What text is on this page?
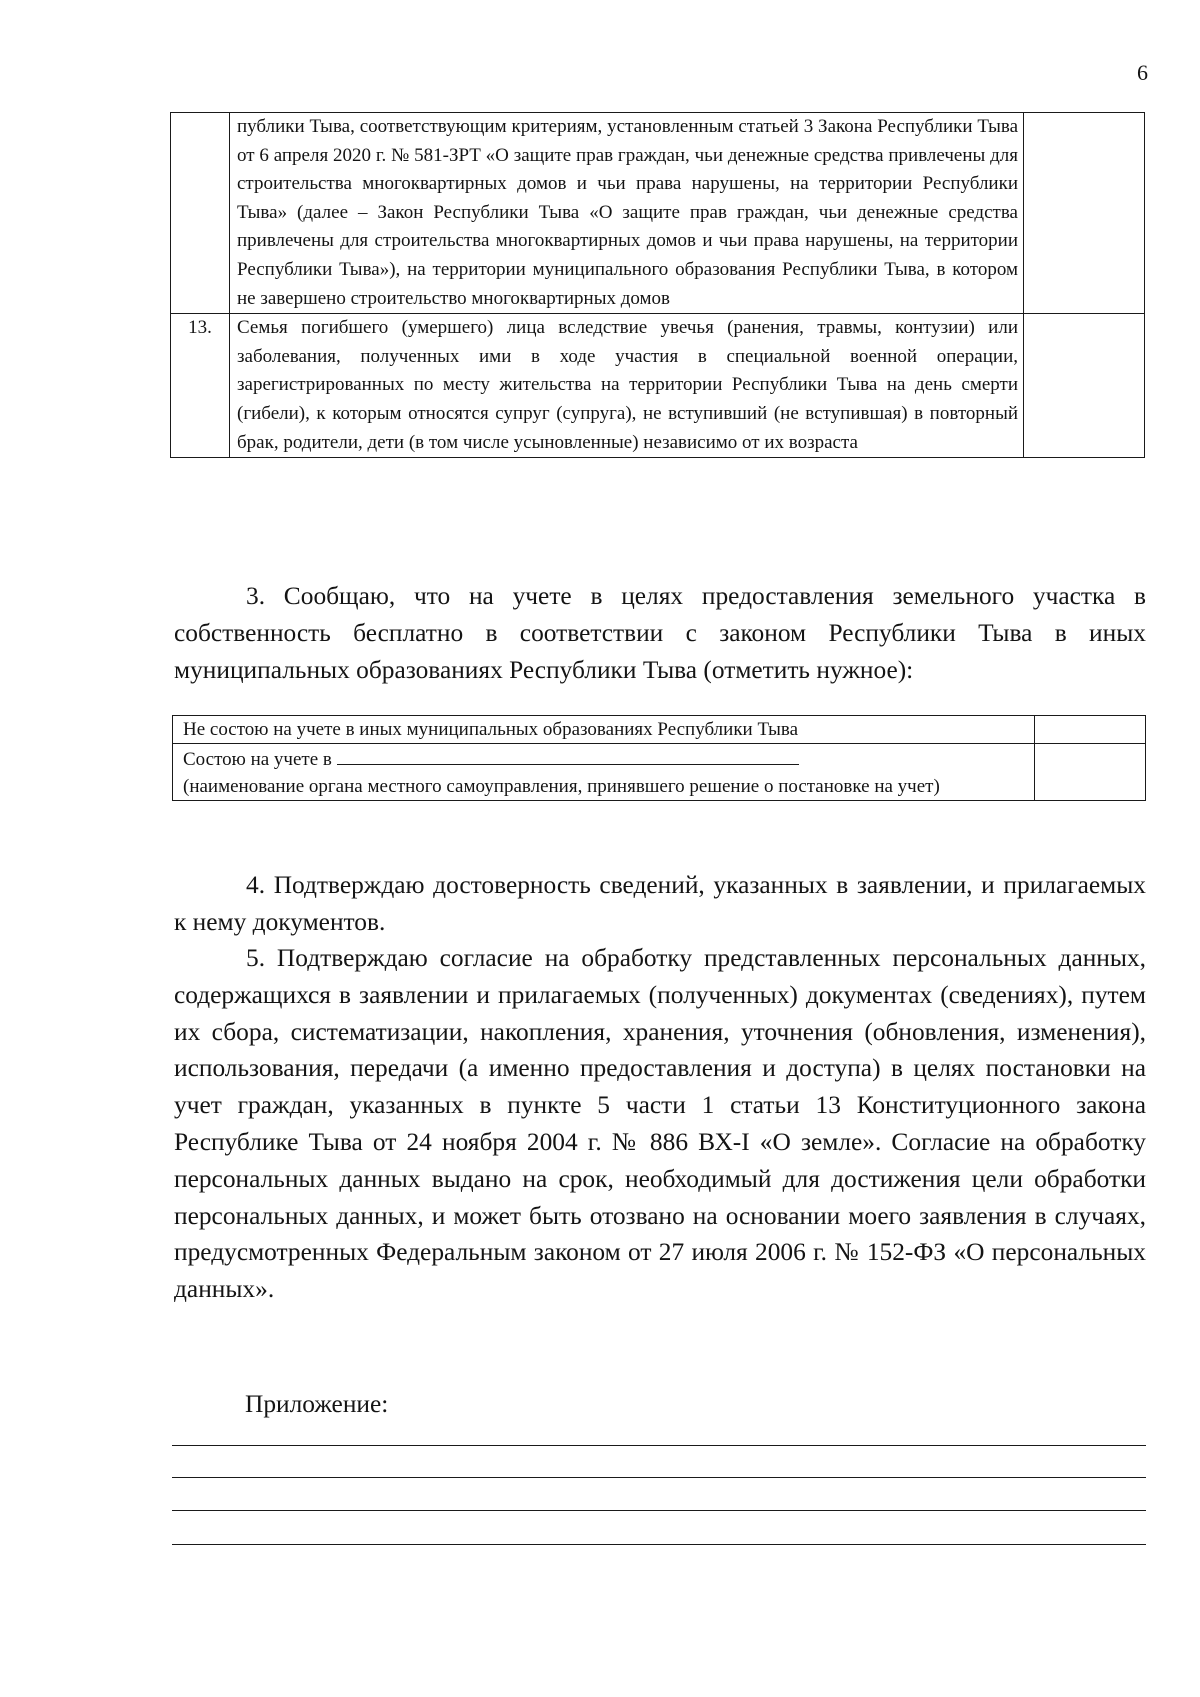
6
	публики Тыва, соответствующим критериям, установленным статьей 3 Закона Республики Тыва от 6 апреля 2020 г. № 581-ЗРТ «О защите прав граждан, чьи денежные средства привлечены для строительства многоквартирных домов и чьи права нарушены, на территории Республики Тыва» (далее – Закон Республики Тыва «О защите прав граждан, чьи денежные средства привлечены для строительства многоквартирных домов и чьи права нарушены, на территории Республики Тыва»), на территории муниципального образования Республики Тыва, в котором не завершено строительство многоквартирных домов	
13.	Семья погибшего (умершего) лица вследствие увечья (ранения, травмы, контузии) или заболевания, полученных ими в ходе участия в специальной военной операции, зарегистрированных по месту жительства на территории Республики Тыва на день смерти (гибели), к которым относятся супруг (супруга), не вступивший (не вступившая) в повторный брак, родители, дети (в том числе усыновленные) независимо от их возраста	

3. Сообщаю, что на учете в целях предоставления земельного участка в собственность бесплатно в соответствии с законом Республики Тыва в иных муниципальных образованиях Республики Тыва (отметить нужное):

Не состою на учете в иных муниципальных образованиях Республики Тыва	
Состою на учете в
(наименование органа местного самоуправления, принявшего решение о постановке на учет)	

4. Подтверждаю достоверность сведений, указанных в заявлении, и прилагаемых к нему документов.

5. Подтверждаю согласие на обработку представленных персональных данных, содержащихся в заявлении и прилагаемых (полученных) документах (сведениях), путем их сбора, систематизации, накопления, хранения, уточнения (обновления, изменения), использования, передачи (а именно предоставления и доступа) в целях постановки на учет граждан, указанных в пункте 5 части 1 статьи 13 Конституционного закона Республике Тыва от 24 ноября 2004 г. № 886 ВХ-I «О земле». Согласие на обработку персональных данных выдано на срок, необходимый для достижения цели обработки персональных данных, и может быть отозвано на основании моего заявления в случаях, предусмотренных Федеральным законом от 27 июля 2006 г. № 152-ФЗ «О персональных данных».

Приложение:
